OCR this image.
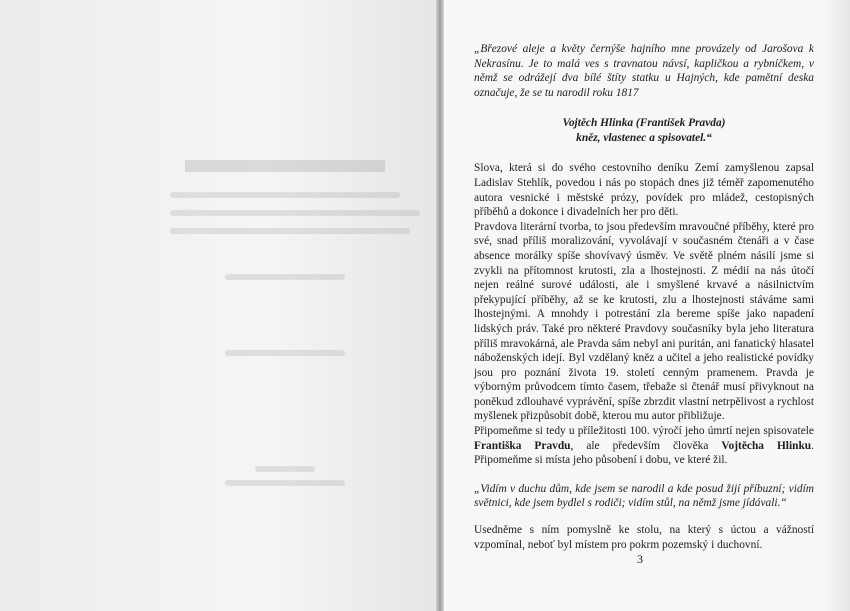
„Březové aleje a květy černýše hajního mne provázely od Jarošova k Nekrasínu. Je to malá ves s travnatou návsí, kapličkou a rybníčkem, v němž se odrážejí dva bílé štíty statku u Hajných, kde pamětní deska označuje, že se tu narodil roku 1817

Vojtěch Hlinka (František Pravda)
kněz, vlastenec a spisovatel.“

Slova, která si do svého cestovního deníku Zemí zamyšlenou zapsal Ladislav Stehlík, povedou i nás po stopách dnes již téměř zapomenutého autora vesnické i městské prózy, povídek pro mládež, cestopisných příběhů a dokonce i divadelních her pro děti.

Pravdova literární tvorba, to jsou především mravoučné příběhy, které pro své, snad příliš moralizování, vyvolávají v současném čtenáři a v čase absence morálky spíše shovívavý úsměv. Ve světě plném násilí jsme si zvykli na přítomnost krutosti, zla a lhostejnosti. Z médií na nás útočí nejen reálné surové události, ale i smyšlené krvavé a násilnictvím překypující příběhy, až se ke krutosti, zlu a lhostejnosti stáváme sami lhostejnými. A mnohdy i potrestání zla bereme spíše jako napadení lidských práv. Také pro některé Pravdovy současníky byla jeho literatura příliš mravokárná, ale Pravda sám nebyl ani puritán, ani fanatický hlasatel náboženských idejí. Byl vzdělaný kněz a učitel a jeho realistické povídky jsou pro poznání života 19. století cenným pramenem. Pravda je výborným průvodcem tímto časem, třebaže si čtenář musí přivyknout na poněkud zdlouhavé vyprávění, spíše zbrzdit vlastní netrpělivost a rychlost myšlenek přizpůsobit době, kterou mu autor přibližuje.

Připomeňme si tedy u příležitosti 100. výročí jeho úmrtí nejen spisovatele Františka Pravdu, ale především člověka Vojtěcha Hlinku. Připomeňme si místa jeho působení i dobu, ve které žil.

„Vidím v duchu dům, kde jsem se narodil a kde posud žijí příbuzní; vidím světnici, kde jsem bydlel s rodiči; vidím stůl, na němž jsme jídávali.“

Usedněme s ním pomyslně ke stolu, na který s úctou a vážností vzpomínal, neboť byl místem pro pokrm pozemský i duchovní.

3
